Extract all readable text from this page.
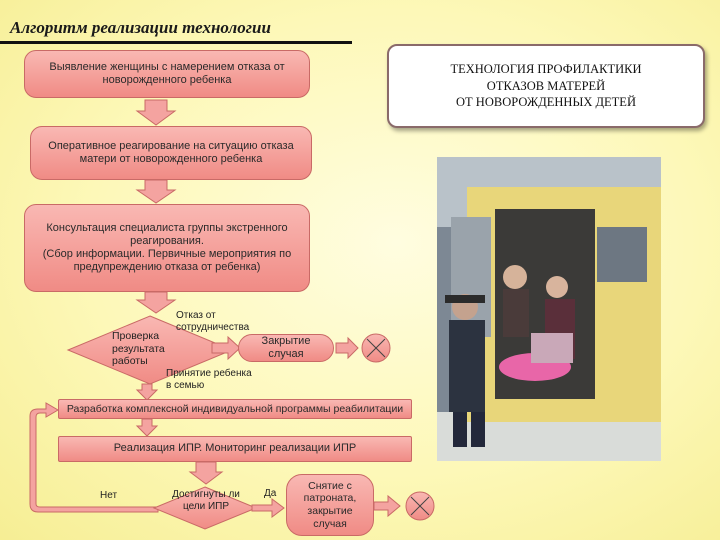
Алгоритм реализации технологии
Выявление женщины с намерением отказа от новорожденного ребенка
Оперативное реагирование на ситуацию отказа матери от новорожденного ребенка
Консультация специалиста группы экстренного реагирования.
(Сбор информации. Первичные мероприятия по предупреждению отказа от ребенка)
Проверка результата работы
Отказ от сотрудничества
Закрытие случая
Принятие ребенка в семью
Разработка комплексной индивидуальной программы реабилитации
Реализация ИПР. Мониторинг реализации ИПР
Нет	Достигнуты ли цели ИПР
Да
Снятие с патроната, закрытие случая
ТЕХНОЛОГИЯ ПРОФИЛАКТИКИ
ОТКАЗОВ МАТЕРЕЙ
ОТ НОВОРОЖДЕННЫХ ДЕТЕЙ
